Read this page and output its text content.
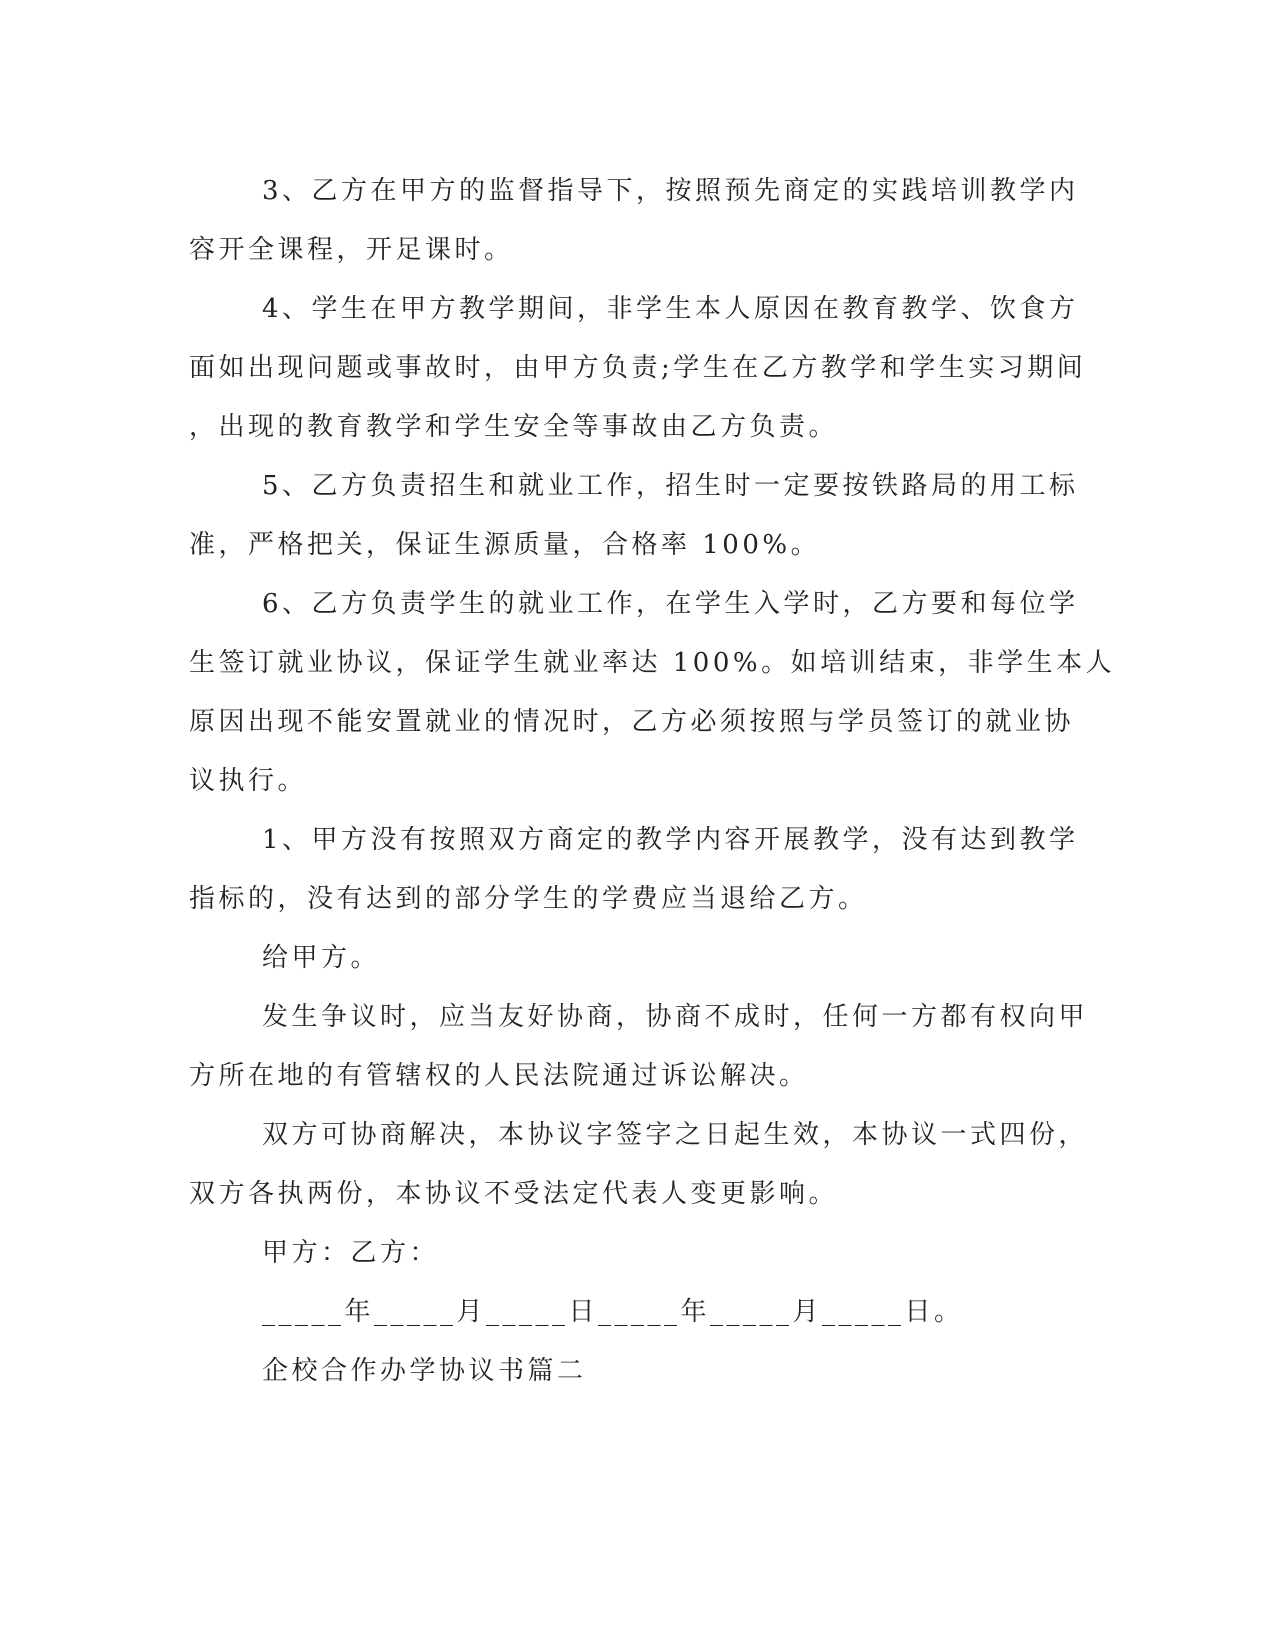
3、乙方在甲方的监督指导下，按照预先商定的实践培训教学内
容开全课程，开足课时。
4、学生在甲方教学期间，非学生本人原因在教育教学、饮食方
面如出现问题或事故时，由甲方负责;学生在乙方教学和学生实习期间
，出现的教育教学和学生安全等事故由乙方负责。
5、乙方负责招生和就业工作，招生时一定要按铁路局的用工标
准，严格把关，保证生源质量，合格率 100%。
6、乙方负责学生的就业工作，在学生入学时，乙方要和每位学
生签订就业协议，保证学生就业率达 100%。如培训结束，非学生本人
原因出现不能安置就业的情况时，乙方必须按照与学员签订的就业协
议执行。
1、甲方没有按照双方商定的教学内容开展教学，没有达到教学
指标的，没有达到的部分学生的学费应当退给乙方。
给甲方。
发生争议时，应当友好协商，协商不成时，任何一方都有权向甲
方所在地的有管辖权的人民法院通过诉讼解决。
双方可协商解决，本协议字签字之日起生效，本协议一式四份，
双方各执两份，本协议不受法定代表人变更影响。
甲方：乙方：
_____年_____月_____日_____年_____月_____日。
企校合作办学协议书篇二
